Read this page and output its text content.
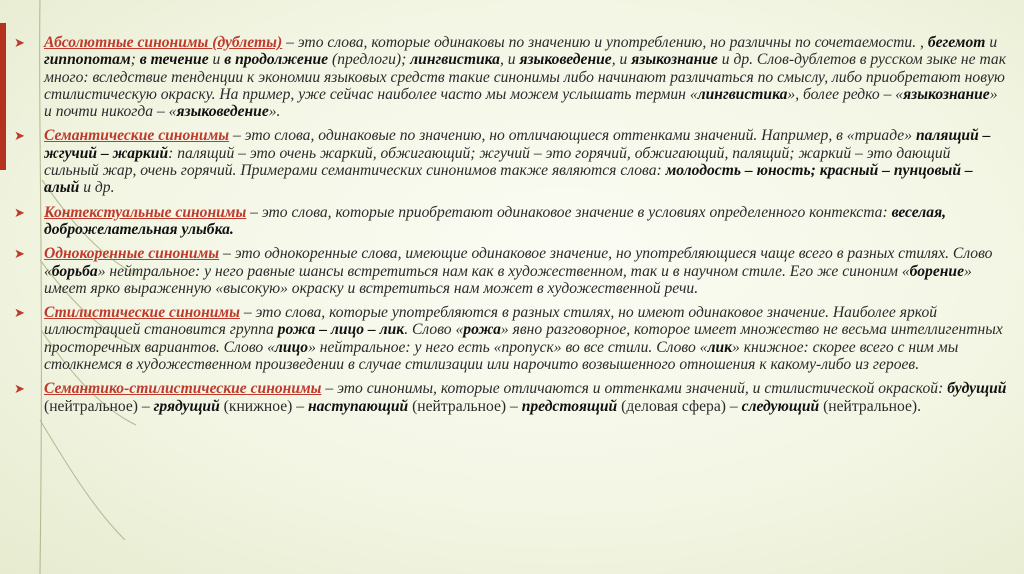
➤ Абсолютные синонимы (дублеты) – это слова, которые одинаковы по значению и употреблению, но различны по сочетаемости. , бегемот и гиппопотам; в течение и в продолжение (предлоги); лингвистика, и языковедение, и языкознание и др. Слов-дублетов в русском зыке не так много: вследствие тенденции к экономии языковых средств такие синонимы либо начинают различаться по смыслу, либо приобретают новую стилистическую окраску. На пример, уже сейчас наиболее часто мы можем услышать термин «лингвистика», более редко – «языкознание» и почти никогда – «языковедение».
➤ Семантические синонимы – это слова, одинаковые по значению, но отличающиеся оттенками значений. Например, в «триаде» палящий – жгучий – жаркий: палящий – это очень жаркий, обжигающий; жгучий – это горячий, обжигающий, палящий; жаркий – это дающий сильный жар, очень горячий. Примерами семантических синонимов также являются слова: молодость – юность; красный – пунцовый – алый и др.
➤ Контекстуальные синонимы – это слова, которые приобретают одинаковое значение в условиях определенного контекста: веселая, доброжелательная улыбка.
➤ Однокоренные синонимы – это однокоренные слова, имеющие одинаковое значение, но употребляющиеся чаще всего в разных стилях. Слово «борьба» нейтральное: у него равные шансы встретиться нам как в художественном, так и в научном стиле. Его же синоним «борение» имеет ярко выраженную «высокую» окраску и встретиться нам может в художественной речи.
➤ Стилистические синонимы – это слова, которые употребляются в разных стилях, но имеют одинаковое значение. Наиболее яркой иллюстрацией становится группа рожа – лицо – лик. Слово «рожа» явно разговорное, которое имеет множество не весьма интеллигентных просторечных вариантов. Слово «лицо» нейтральное: у него есть «пропуск» во все стили. Слово «лик» книжное: скорее всего с ним мы столкнемся в художественном произведении в случае стилизации или нарочито возвышенного отношения к какому-либо из героев.
➤ Семантико-стилистические синонимы – это синонимы, которые отличаются и оттенками значений, и стилистической окраской: будущий (нейтральное) – грядущий (книжное) – наступающий (нейтральное) – предстоящий (деловая сфера) – следующий (нейтральное).
